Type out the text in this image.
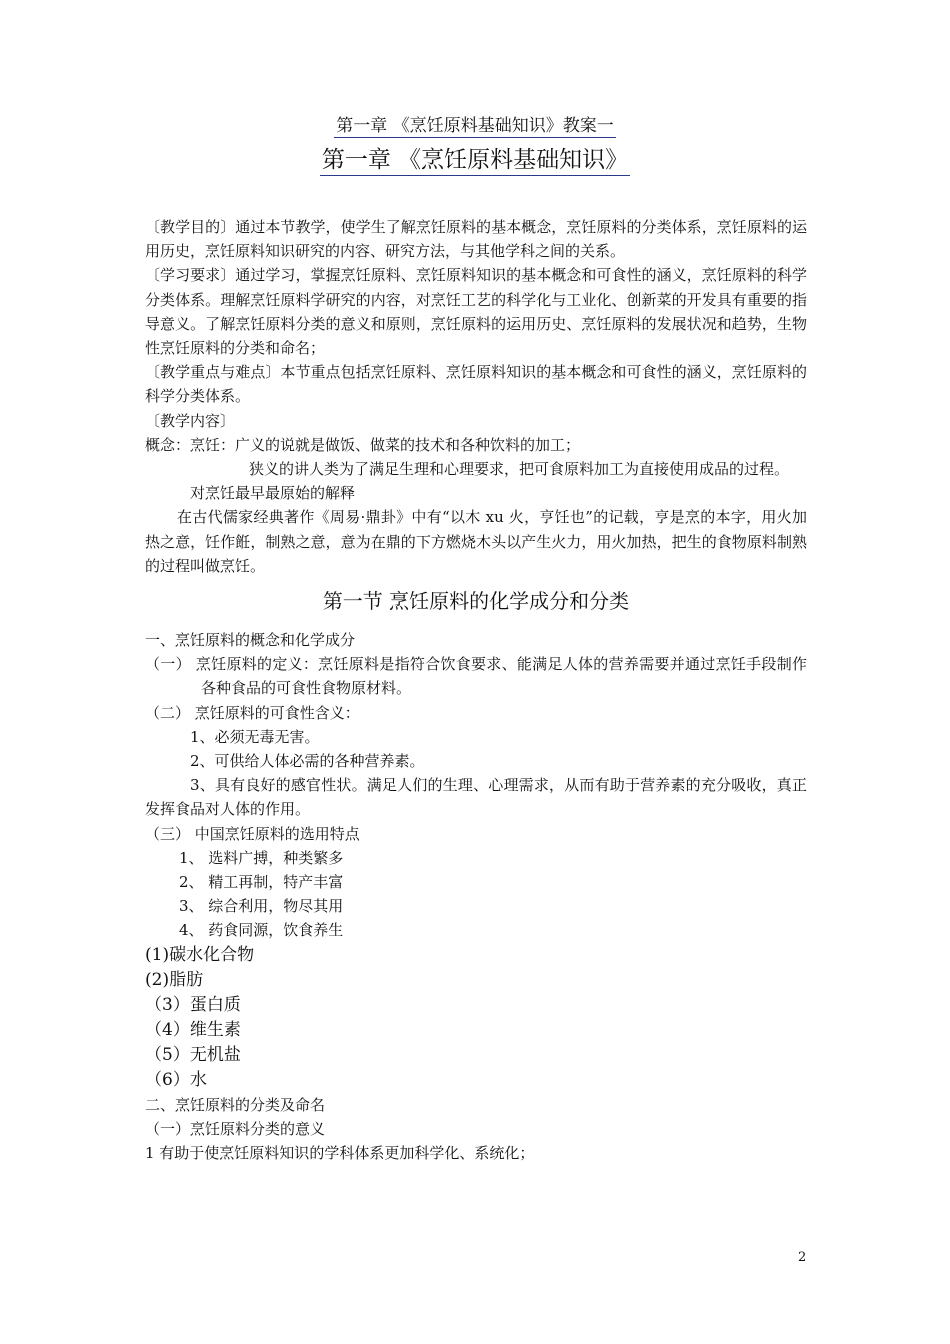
第一章 《烹饪原料基础知识》教案一
第一章 《烹饪原料基础知识》

〔教学目的〕通过本节教学，使学生了解烹饪原料的基本概念，烹饪原料的分类体系，烹饪原料的运用历史，烹饪原料知识研究的内容、研究方法，与其他学科之间的关系。

〔学习要求〕通过学习，掌握烹饪原料、烹饪原料知识的基本概念和可食性的涵义，烹饪原料的科学分类体系。理解烹饪原料学研究的内容，对烹饪工艺的科学化与工业化、创新菜的开发具有重要的指导意义。了解烹饪原料分类的意义和原则，烹饪原料的运用历史、烹饪原料的发展状况和趋势，生物性烹饪原料的分类和命名；

〔教学重点与难点〕本节重点包括烹饪原料、烹饪原料知识的基本概念和可食性的涵义，烹饪原料的科学分类体系。

〔教学内容〕

概念：烹饪：广义的说就是做饭、做菜的技术和各种饮料的加工；

狭义的讲人类为了满足生理和心理要求，把可食原料加工为直接使用成品的过程。

对烹饪最早最原始的解释

在古代儒家经典著作《周易·鼎卦》中有“以木 xu 火，亨饪也”的记载，亨是烹的本字，用火加热之意，饪作餁，制熟之意，意为在鼎的下方燃烧木头以产生火力，用火加热，把生的食物原料制熟的过程叫做烹饪。

第一节 烹饪原料的化学成分和分类

一、烹饪原料的概念和化学成分

（一） 烹饪原料的定义：烹饪原料是指符合饮食要求、能满足人体的营养需要并通过烹饪手段制作各种食品的可食性食物原材料。

（二） 烹饪原料的可食性含义：

1、必须无毒无害。

2、可供给人体必需的各种营养素。

3、具有良好的感官性状。满足人们的生理、心理需求，从而有助于营养素的充分吸收，真正发挥食品对人体的作用。

（三） 中国烹饪原料的选用特点

1、 选料广搏，种类繁多

2、 精工再制，特产丰富

3、 综合利用，物尽其用

4、 药食同源，饮食养生

(1)碳水化合物

(2)脂肪

（3）蛋白质

（4）维生素

（5）无机盐

（6）水

二、烹饪原料的分类及命名

（一）烹饪原料分类的意义

1 有助于使烹饪原料知识的学科体系更加科学化、系统化；

2
